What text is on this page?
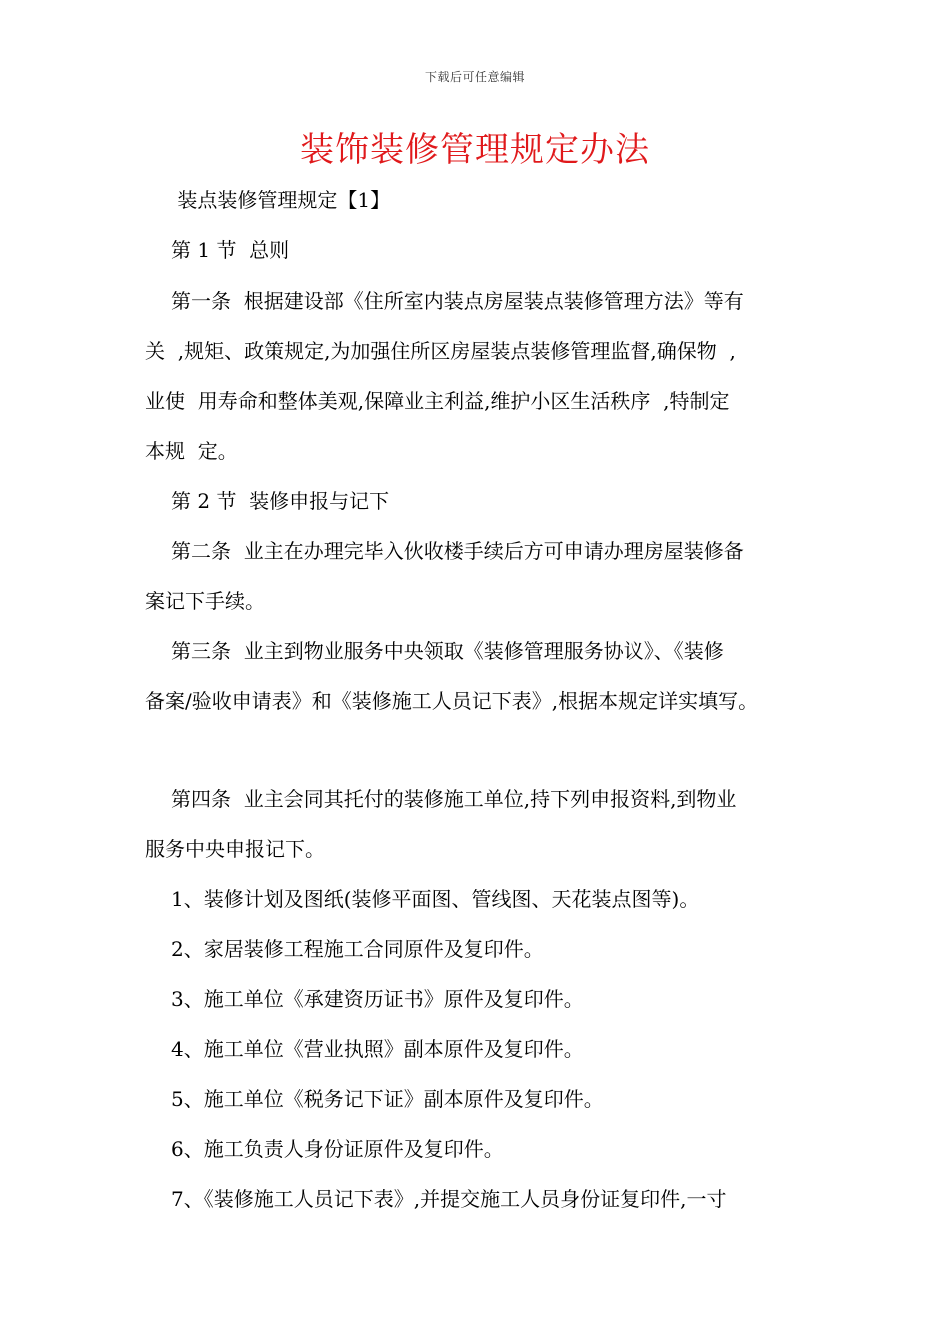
下载后可任意编辑
装饰装修管理规定办法
装点装修管理规定【1】
第 1 节  总则
第一条  根据建设部《住所室内装点房屋装点装修管理方法》等有
关  ,规矩、政策规定,为加强住所区房屋装点装修管理监督,确保物  ,
业使  用寿命和整体美观,保障业主利益,维护小区生活秩序  ,特制定
本规  定。
第 2 节  装修申报与记下
第二条  业主在办理完毕入伙收楼手续后方可申请办理房屋装修备
案记下手续。
第三条  业主到物业服务中央领取《装修管理服务协议》、《装修
备案/验收申请表》和《装修施工人员记下表》,根据本规定详实填写。
第四条  业主会同其托付的装修施工单位,持下列申报资料,到物业
服务中央申报记下。
1、装修计划及图纸(装修平面图、管线图、天花装点图等)。
2、家居装修工程施工合同原件及复印件。
3、施工单位《承建资历证书》原件及复印件。
4、施工单位《营业执照》副本原件及复印件。
5、施工单位《税务记下证》副本原件及复印件。
6、施工负责人身份证原件及复印件。
7、《装修施工人员记下表》,并提交施工人员身份证复印件,一寸
